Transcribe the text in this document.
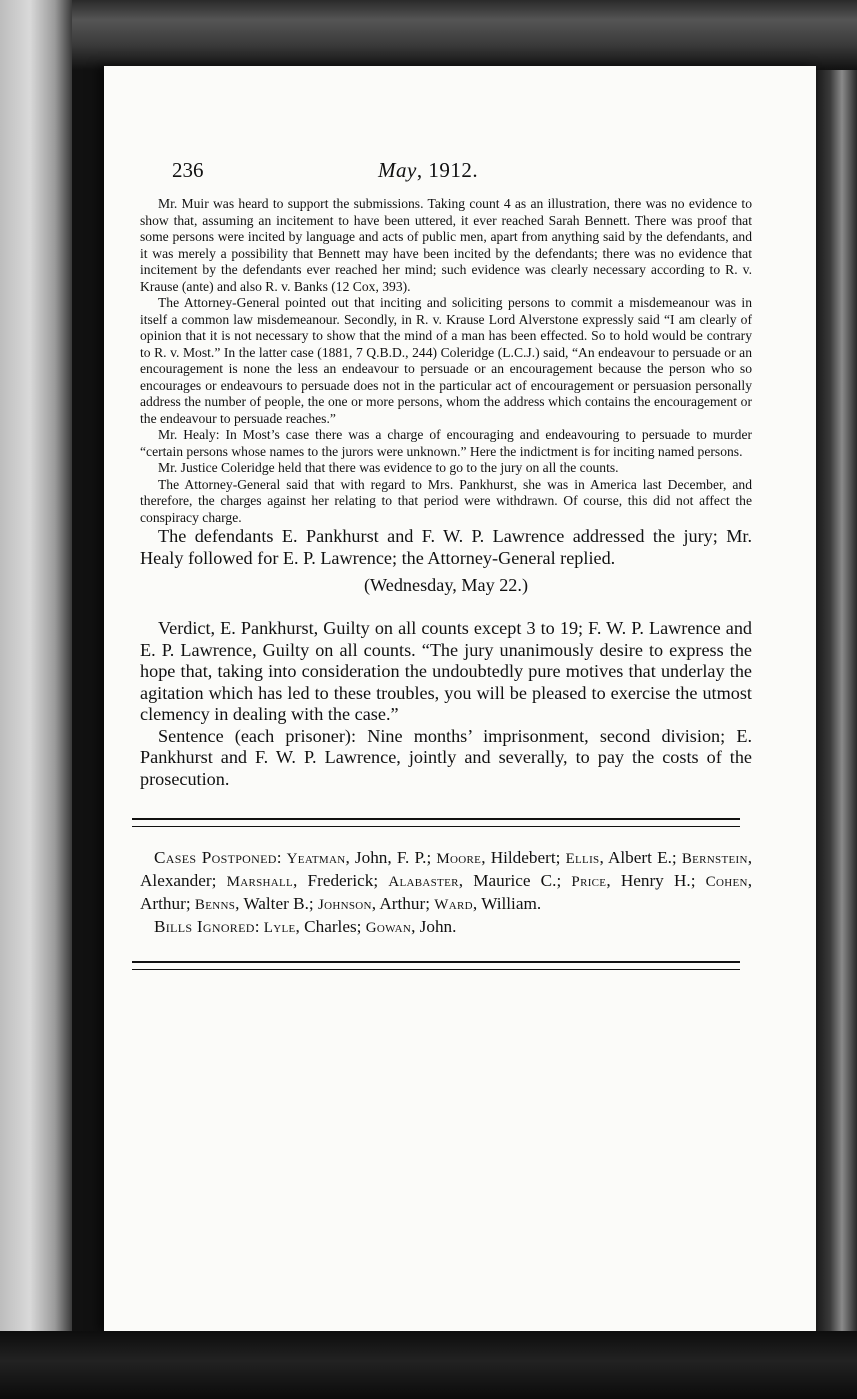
236	May, 1912.

Mr. Muir was heard to support the submissions. Taking count 4 as an illustration, there was no evidence to show that, assuming an incitement to have been uttered, it ever reached Sarah Bennett. There was proof that some persons were incited by language and acts of public men, apart from anything said by the defendants, and it was merely a possibility that Bennett may have been incited by the defendants; there was no evidence that incitement by the defendants ever reached her mind; such evidence was clearly necessary according to R. v. Krause (ante) and also R. v. Banks (12 Cox, 393).

The Attorney-General pointed out that inciting and soliciting persons to commit a misdemeanour was in itself a common law misdemeanour. Secondly, in R. v. Krause Lord Alverstone expressly said “I am clearly of opinion that it is not necessary to show that the mind of a man has been effected. So to hold would be contrary to R. v. Most.” In the latter case (1881, 7 Q.B.D., 244) Coleridge (L.C.J.) said, “An endeavour to persuade or an encouragement is none the less an endeavour to persuade or an encouragement because the person who so encourages or endeavours to persuade does not in the particular act of encouragement or persuasion personally address the number of people, the one or more persons, whom the address which contains the encouragement or the endeavour to persuade reaches.”

Mr. Healy: In Most’s case there was a charge of encouraging and endeavouring to persuade to murder “certain persons whose names to the jurors were unknown.” Here the indictment is for inciting named persons.

Mr. Justice Coleridge held that there was evidence to go to the jury on all the counts.

The Attorney-General said that with regard to Mrs. Pankhurst, she was in America last December, and therefore, the charges against her relating to that period were withdrawn. Of course, this did not affect the conspiracy charge.

The defendants E. Pankhurst and F. W. P. Lawrence addressed the jury; Mr. Healy followed for E. P. Lawrence; the Attorney-General replied.

(Wednesday, May 22.)

Verdict, E. Pankhurst, Guilty on all counts except 3 to 19; F. W. P. Lawrence and E. P. Lawrence, Guilty on all counts. “The jury unanimously desire to express the hope that, taking into consideration the undoubtedly pure motives that underlay the agitation which has led to these troubles, you will be pleased to exercise the utmost clemency in dealing with the case.”

Sentence (each prisoner): Nine months’ imprisonment, second division; E. Pankhurst and F. W. P. Lawrence, jointly and severally, to pay the costs of the prosecution.

Cases Postponed: Yeatman, John, F. P.; Moore, Hildebert; Ellis, Albert E.; Bernstein, Alexander; Marshall, Frederick; Alabaster, Maurice C.; Price, Henry H.; Cohen, Arthur; Benns, Walter B.; Johnson, Arthur; Ward, William.

Bills Ignored: Lyle, Charles; Gowan, John.
